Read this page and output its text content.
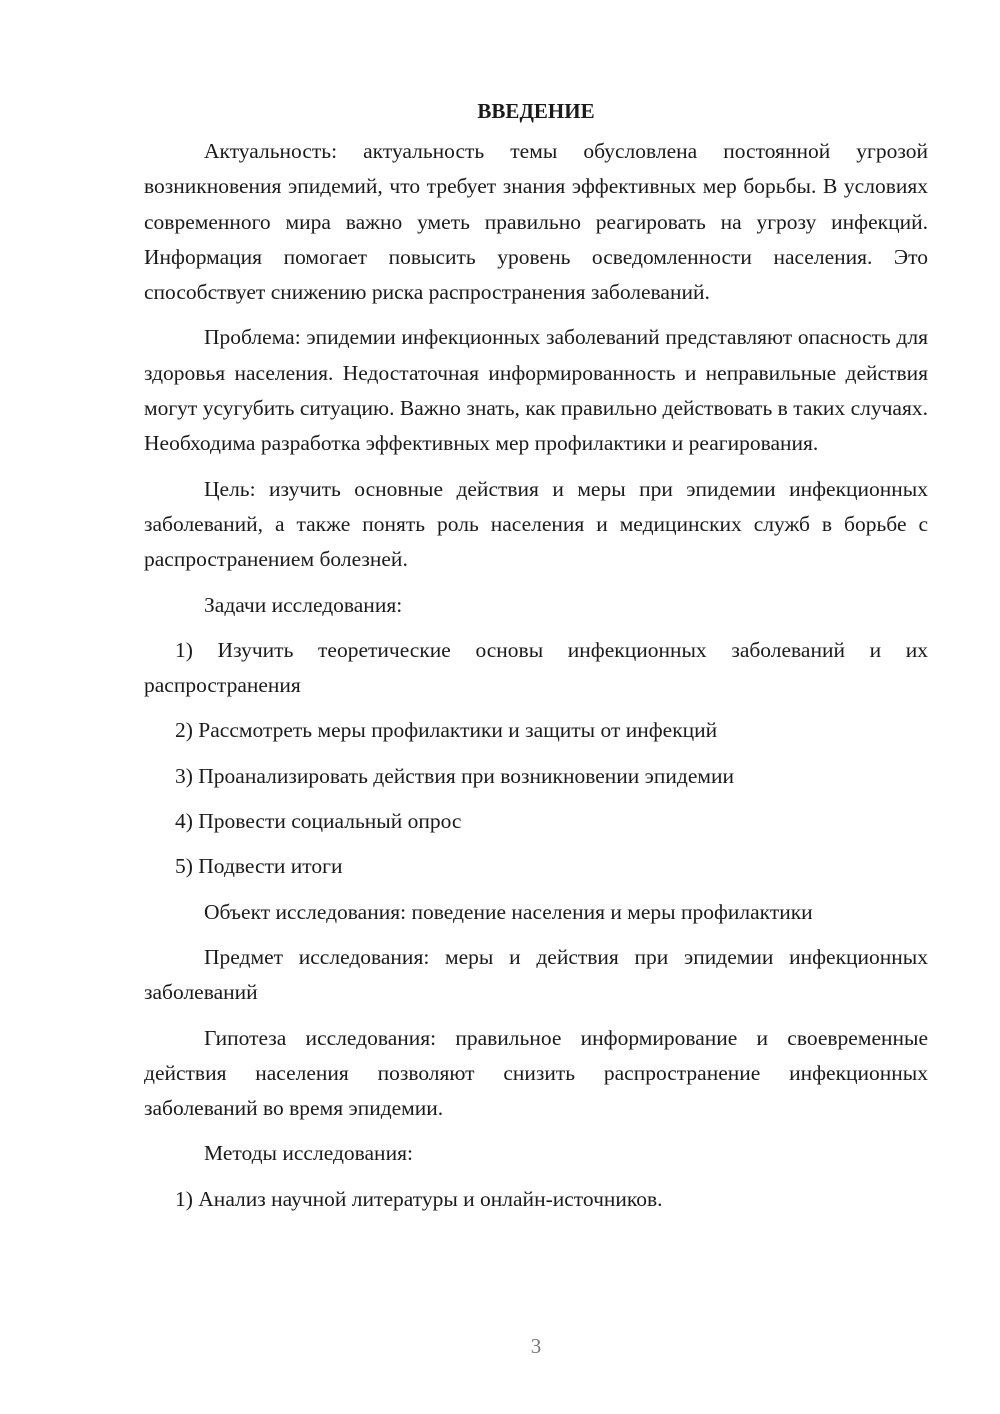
ВВЕДЕНИЕ

Актуальность: актуальность темы обусловлена постоянной угрозой возникновения эпидемий, что требует знания эффективных мер борьбы. В условиях современного мира важно уметь правильно реагировать на угрозу инфекций. Информация помогает повысить уровень осведомленности населения. Это способствует снижению риска распространения заболеваний.

Проблема: эпидемии инфекционных заболеваний представляют опасность для здоровья населения. Недостаточная информированность и неправильные действия могут усугубить ситуацию. Важно знать, как правильно действовать в таких случаях. Необходима разработка эффективных мер профилактики и реагирования.

Цель: изучить основные действия и меры при эпидемии инфекционных заболеваний, а также понять роль населения и медицинских служб в борьбе с распространением болезней.

Задачи исследования:

1) Изучить теоретические основы инфекционных заболеваний и их распространения

2) Рассмотреть меры профилактики и защиты от инфекций

3) Проанализировать действия при возникновении эпидемии

4) Провести социальный опрос

5) Подвести итоги

Объект исследования: поведение населения и меры профилактики

Предмет исследования: меры и действия при эпидемии инфекционных заболеваний

Гипотеза исследования: правильное информирование и своевременные действия населения позволяют снизить распространение инфекционных заболеваний во время эпидемии.

Методы исследования:

1) Анализ научной литературы и онлайн-источников.

3
